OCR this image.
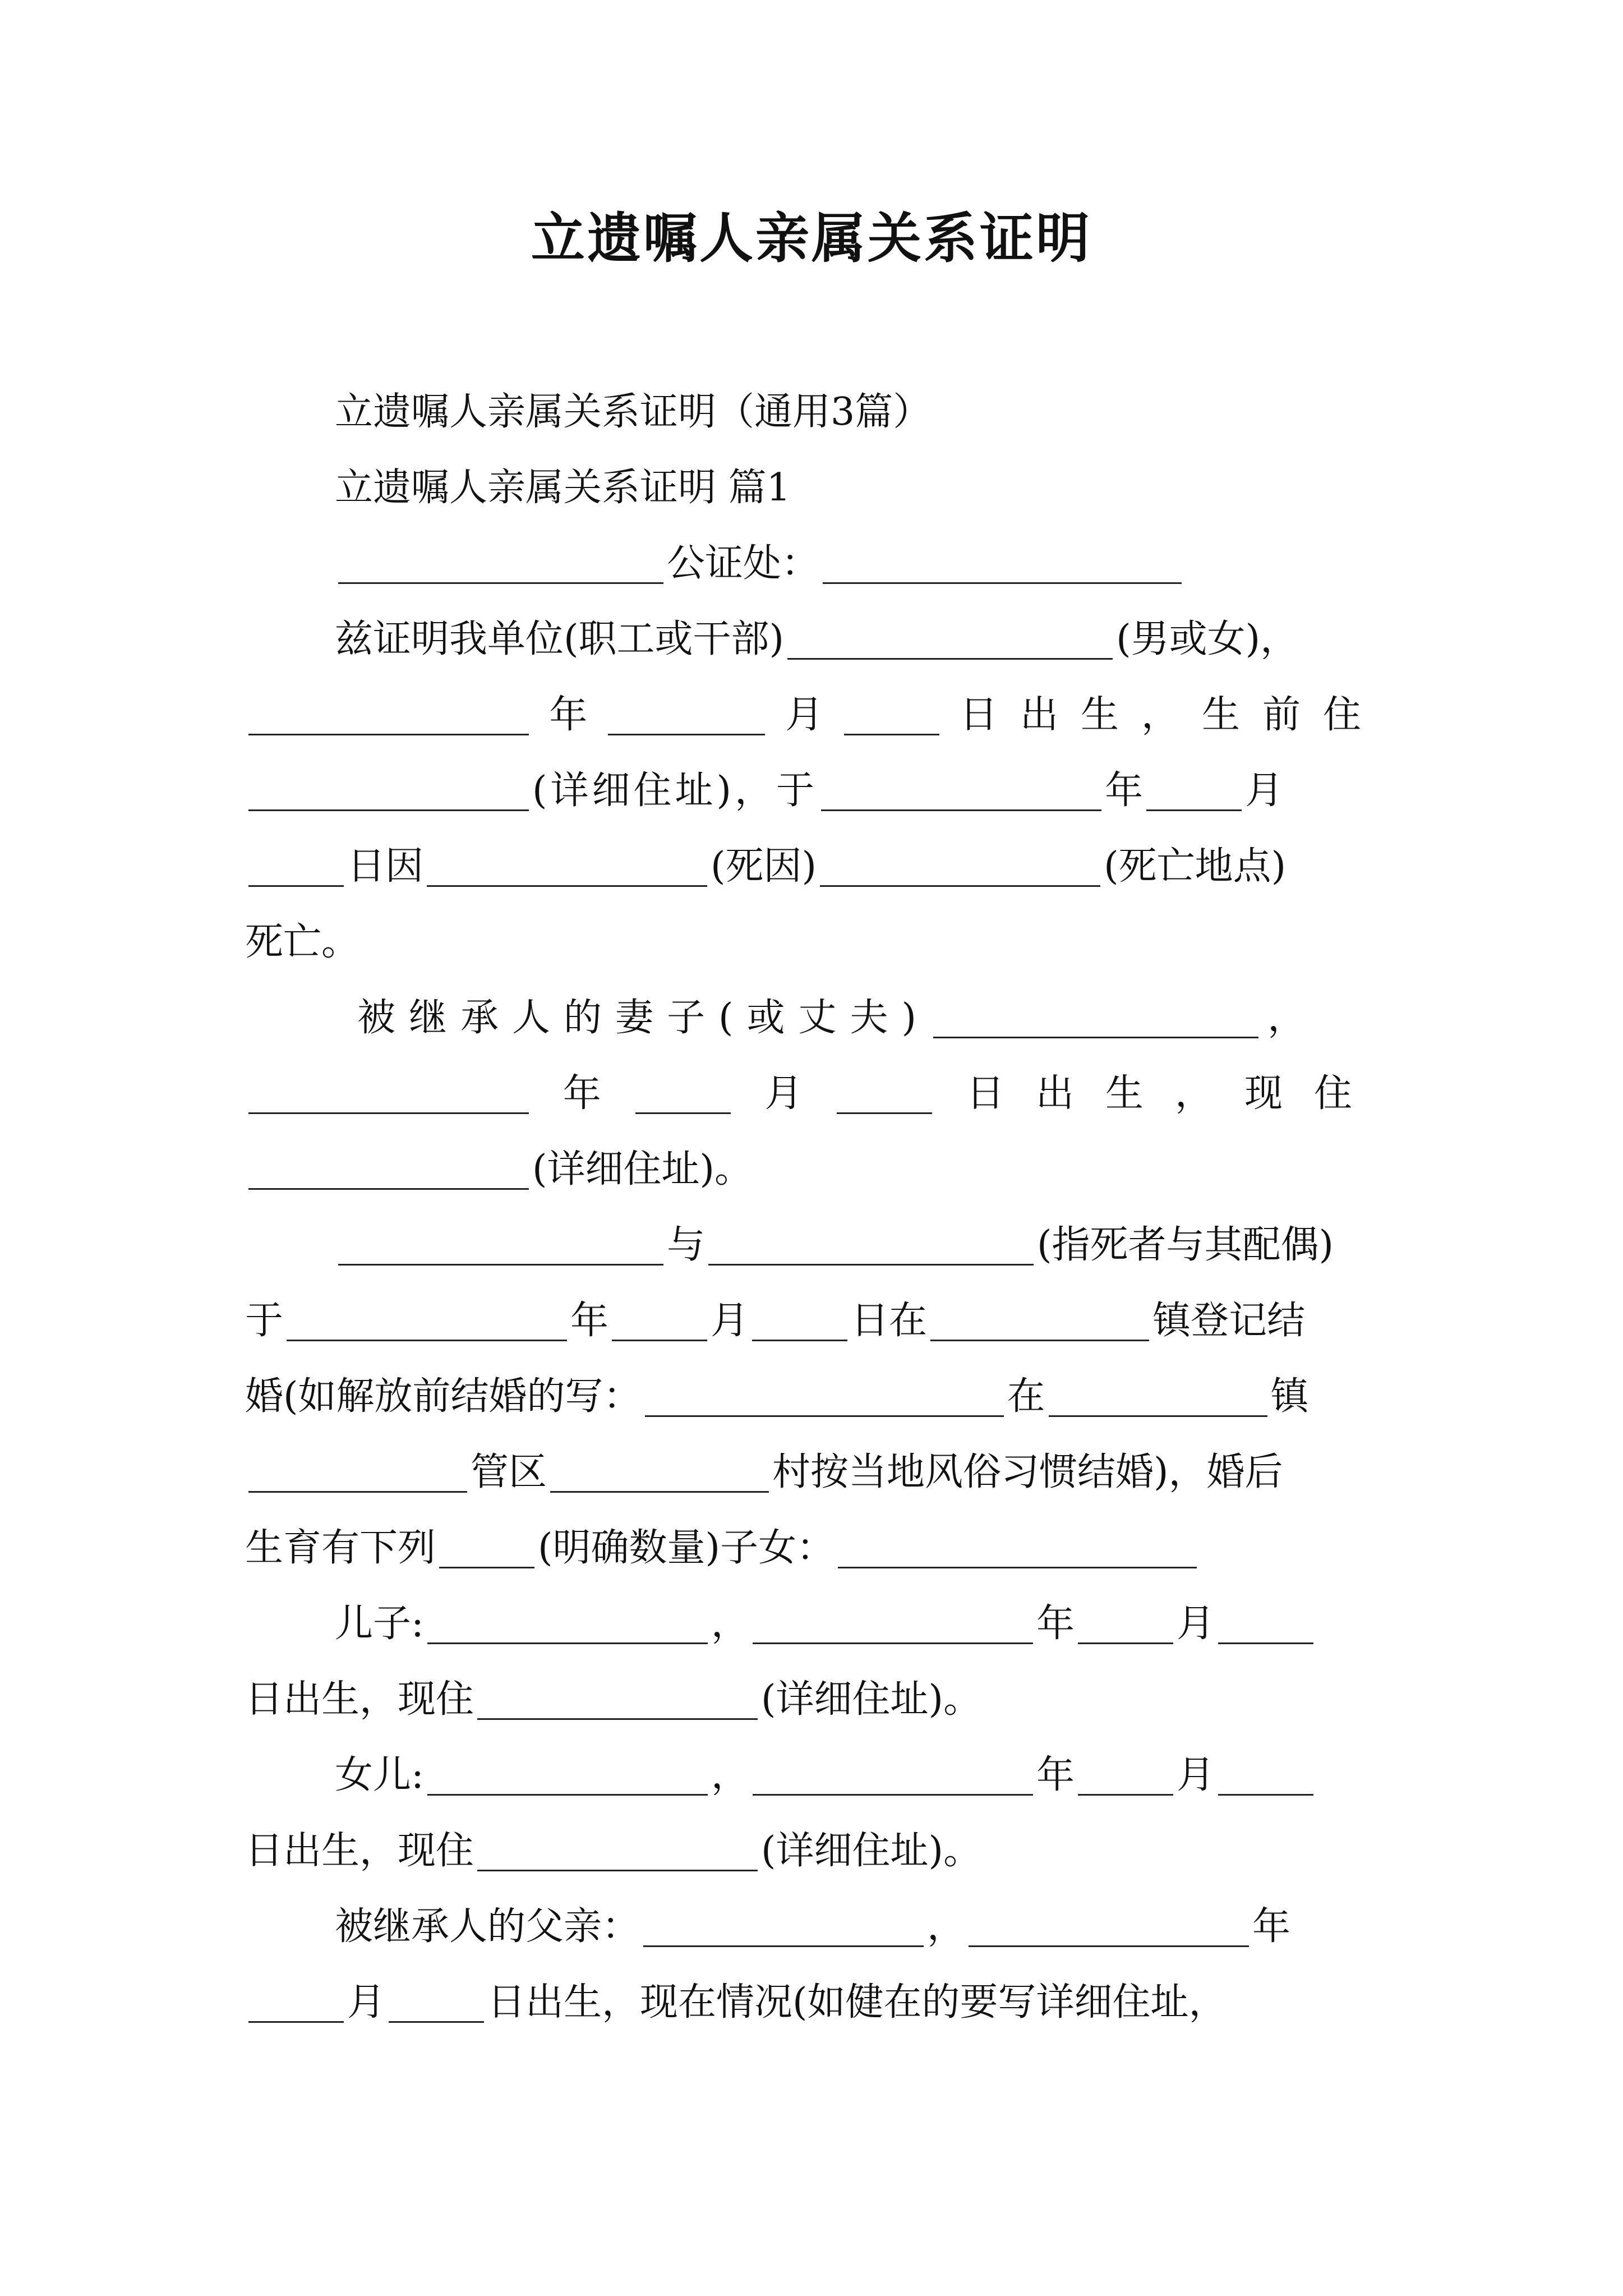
立遗嘱人亲属关系证明
立遗嘱人亲属关系证明（通用3篇）
立遗嘱人亲属关系证明 篇1
公证处：
兹证明我单位(职工或干部)	(男或女)，
年	月	日出生，生前住
(详细住址)，于	年	月
日因	(死因)	(死亡地点)
死亡。
被继承人的妻子(或丈夫)	，
年	月	日出生，现住
(详细住址)。
与	(指死者与其配偶)
于	年	月	日在	镇登记结
婚(如解放前结婚的写：	在	镇
管区	村按当地风俗习惯结婚)，婚后
生育有下列	(明确数量)子女：
儿子:	，	年	月
日出生，现住	(详细住址)。
女儿:	，	年	月
日出生，现住	(详细住址)。
被继承人的父亲：	，	年
月	日出生，现在情况(如健在的要写详细住址，
